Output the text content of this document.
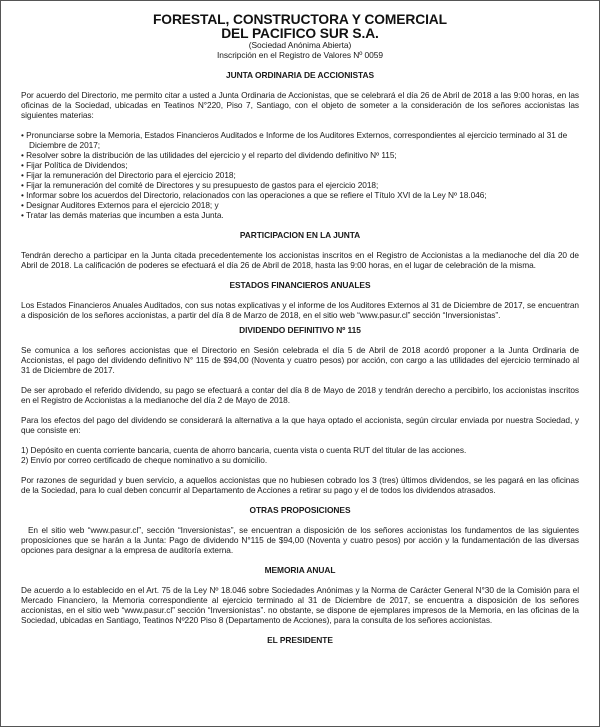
FORESTAL, CONSTRUCTORA Y COMERCIAL
DEL PACIFICO SUR S.A.
(Sociedad Anónima Abierta)
Inscripción en el Registro de Valores Nº 0059
JUNTA ORDINARIA DE ACCIONISTAS

Por acuerdo del Directorio, me permito citar a usted a Junta Ordinaria de Accionistas, que se celebrará el día 26 de Abril de 2018 a las 9:00 horas, en las oficinas de la Sociedad, ubicadas en Teatinos N°220, Piso 7, Santiago, con el objeto de someter a la consideración de los señores accionistas las siguientes materias:

• Pronunciarse sobre la Memoria, Estados Financieros Auditados e Informe de los Auditores Externos, correspondientes al ejercicio terminado al 31 de Diciembre de 2017;
• Resolver sobre la distribución de las utilidades del ejercicio y el reparto del dividendo definitivo Nº 115;
• Fijar Política de Dividendos;
• Fijar la remuneración del Directorio para el ejercicio 2018;
• Fijar la remuneración del comité de Directores y su presupuesto de gastos para el ejercicio 2018;
• Informar sobre los acuerdos del Directorio, relacionados con las operaciones a que se refiere el Título XVI de la Ley Nº 18.046;
• Designar Auditores Externos para el ejercicio 2018; y
• Tratar las demás materias que incumben a esta Junta.
PARTICIPACION EN LA JUNTA

Tendrán derecho a participar en la Junta citada precedentemente los accionistas inscritos en el Registro de Accionistas a la medianoche del día 20 de Abril de 2018. La calificación de poderes se efectuará el día 26 de Abril de 2018, hasta las 9:00 horas, en el lugar de celebración de la misma.

ESTADOS FINANCIEROS ANUALES

Los Estados Financieros Anuales Auditados, con sus notas explicativas y el informe de los Auditores Externos al 31 de Diciembre de 2017, se encuentran a disposición de los señores accionistas, a partir del día 8 de Marzo de 2018, en el sitio web “www.pasur.cl” sección “Inversionistas”.

DIVIDENDO DEFINITIVO Nº 115

Se comunica a los señores accionistas que el Directorio en Sesión celebrada el día 5 de Abril de 2018 acordó proponer a la Junta Ordinaria de Accionistas, el pago del dividendo definitivo N° 115 de $94,00 (Noventa y cuatro pesos) por acción, con cargo a las utilidades del ejercicio terminado al 31 de Diciembre de 2017.

De ser aprobado el referido dividendo, su pago se efectuará a contar del día 8 de Mayo de 2018 y tendrán derecho a percibirlo, los accionistas inscritos en el Registro de Accionistas a la medianoche del día 2 de Mayo de 2018.

Para los efectos del pago del dividendo se considerará la alternativa a la que haya optado el accionista, según circular enviada por nuestra Sociedad, y que consiste en:

1) Depósito en cuenta corriente bancaria, cuenta de ahorro bancaria, cuenta vista o cuenta RUT del titular de las acciones.
2) Envío por correo certificado de cheque nominativo a su domicilio.

Por razones de seguridad y buen servicio, a aquellos accionistas que no hubiesen cobrado los 3 (tres) últimos dividendos, se les pagará en las oficinas de la Sociedad, para lo cual deben concurrir al Departamento de Acciones a retirar su pago y el de todos los dividendos atrasados.

OTRAS PROPOSICIONES

En el sitio web “www.pasur.cl”, sección “Inversionistas”, se encuentran a disposición de los señores accionistas los fundamentos de las siguientes  proposiciones que se harán a la Junta: Pago de dividendo N°115 de $94,00 (Noventa y cuatro pesos) por acción y la fundamentación de las diversas opciones para designar a la empresa de auditoría externa.

MEMORIA ANUAL

De acuerdo a lo establecido en el Art. 75 de la Ley Nº 18.046 sobre Sociedades Anónimas y la Norma de Carácter General N°30 de la Comisión para el Mercado Financiero, la Memoria correspondiente al ejercicio terminado al 31 de Diciembre de 2017, se encuentra a disposición de los señores accionistas, en el sitio web “www.pasur.cl” sección “Inversionistas”. no obstante, se dispone de ejemplares impresos de la Memoria, en las oficinas de la Sociedad, ubicadas en Santiago, Teatinos Nº220 Piso 8 (Departamento de Acciones), para la consulta de los señores accionistas.

EL PRESIDENTE
